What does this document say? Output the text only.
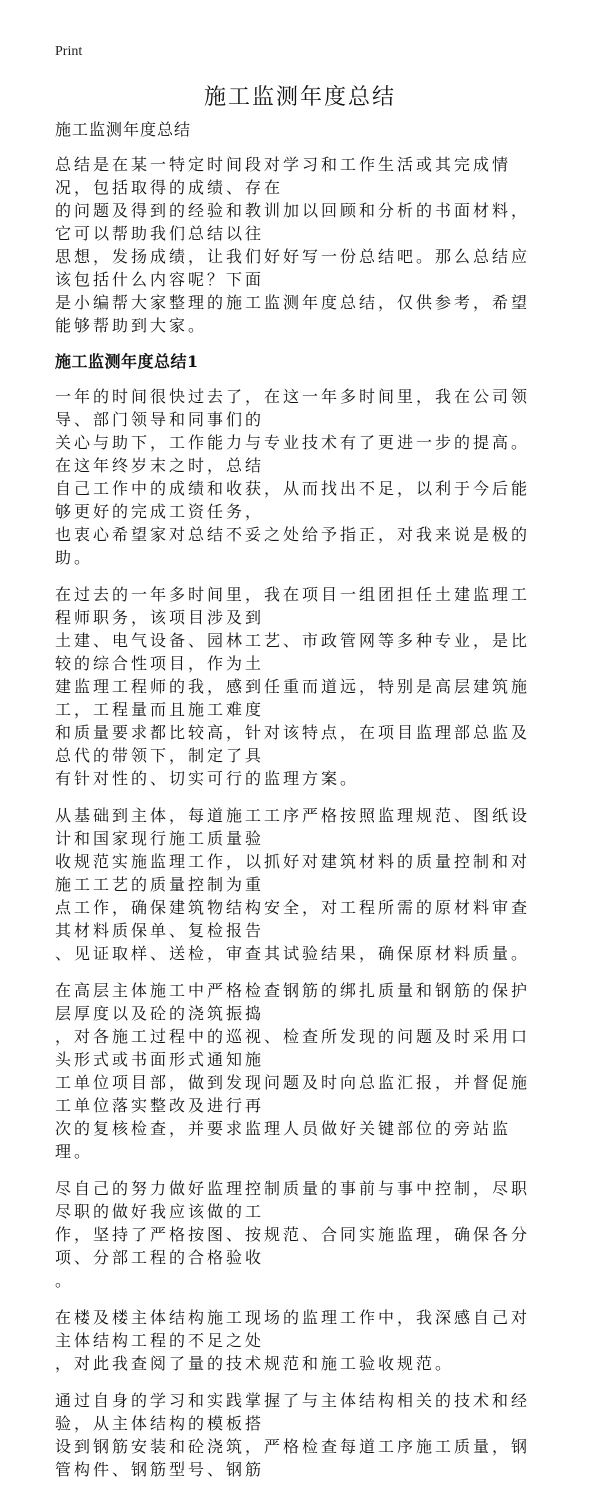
Print
施工监测年度总结

施工监测年度总结

总结是在某一特定时间段对学习和工作生活或其完成情况，包括取得的成绩、存在
的问题及得到的经验和教训加以回顾和分析的书面材料，它可以帮助我们总结以往
思想，发扬成绩，让我们好好写一份总结吧。那么总结应该包括什么内容呢？下面
是小编帮大家整理的施工监测年度总结，仅供参考，希望能够帮助到大家。

施工监测年度总结1

一年的时间很快过去了，在这一年多时间里，我在公司领导、部门领导和同事们的
关心与助下，工作能力与专业技术有了更进一步的提高。在这年终岁末之时，总结
自己工作中的成绩和收获，从而找出不足，以利于今后能够更好的完成工资任务，
也衷心希望家对总结不妥之处给予指正，对我来说是极的助。

在过去的一年多时间里，我在项目一组团担任土建监理工程师职务，该项目涉及到
土建、电气设备、园林工艺、市政管网等多种专业，是比较的综合性项目，作为土
建监理工程师的我，感到任重而道远，特别是高层建筑施工，工程量而且施工难度
和质量要求都比较高，针对该特点，在项目监理部总监及总代的带领下，制定了具
有针对性的、切实可行的监理方案。

从基础到主体，每道施工工序严格按照监理规范、图纸设计和国家现行施工质量验
收规范实施监理工作，以抓好对建筑材料的质量控制和对施工工艺的质量控制为重
点工作，确保建筑物结构安全，对工程所需的原材料审查其材料质保单、复检报告
、见证取样、送检，审查其试验结果，确保原材料质量。

在高层主体施工中严格检查钢筋的绑扎质量和钢筋的保护层厚度以及砼的浇筑振捣
，对各施工过程中的巡视、检查所发现的问题及时采用口头形式或书面形式通知施
工单位项目部，做到发现问题及时向总监汇报，并督促施工单位落实整改及进行再
次的复核检查，并要求监理人员做好关键部位的旁站监理。

尽自己的努力做好监理控制质量的事前与事中控制，尽职尽职的做好我应该做的工
作，坚持了严格按图、按规范、合同实施监理，确保各分项、分部工程的合格验收
。

在楼及楼主体结构施工现场的监理工作中，我深感自己对主体结构工程的不足之处
，对此我查阅了量的技术规范和施工验收规范。

通过自身的学习和实践掌握了与主体结构相关的技术和经验，从主体结构的模板搭
设到钢筋安装和砼浇筑，严格检查每道工序施工质量，钢管构件、钢筋型号、钢筋
